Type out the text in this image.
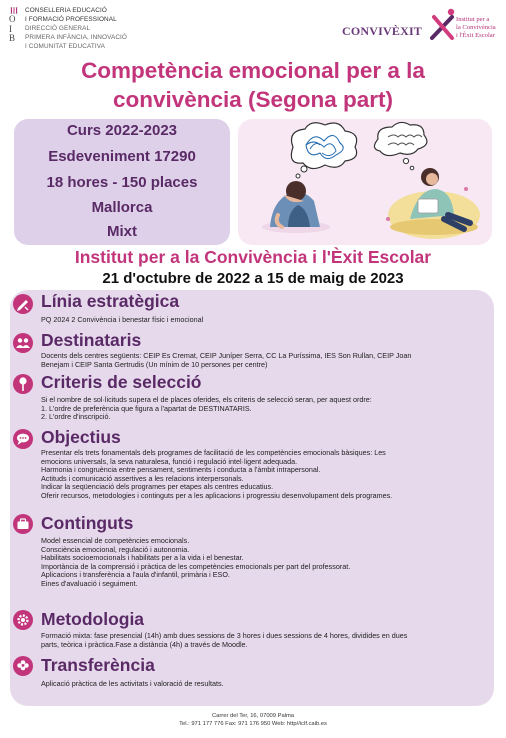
O
I
B
CONSELLERIA EDUCACIÓ
I FORMACIÓ PROFESSIONAL
DIRECCIÓ GENERAL
PRIMERA INFÀNCIA, INNOVACIÓ
I COMUNITAT EDUCATIVA
CONVIVÈXIT
Institut per a
la Convivència
i l'Èxit Escolar
Competència emocional per a la
convivència (Segona part)
Curs 2022-2023
Esdeveniment 17290
18 hores - 150 places
Mallorca
Mixt
Institut per a la Convivència i l'Èxit Escolar
21 d'octubre de 2022 a 15 de maig de 2023
Línia estratègica
PQ 2024 2 Convivència i benestar físic i emocional
Destinataris
Docents dels centres següents: CEIP Es Cremat, CEIP Juníper Serra, CC La Puríssima, IES Son Rullan, CEIP Joan
Benejam i CEIP Santa Gertrudis (Un mínim de 10 persones per centre)
Criteris de selecció
Si el nombre de sol·licituds supera el de places oferides, els criteris de selecció seran, per aquest ordre:
1. L'ordre de preferència que figura a l'apartat de DESTINATARIS.
2. L'ordre d'inscripció.
Objectius
Presentar els trets fonamentals dels programes de facilitació de les competències emocionals bàsiques: Les
emocions universals, la seva naturalesa, funció i regulació intel·ligent adequada.
Harmonia i congruència entre pensament, sentiments i conducta a l'àmbit intrapersonal.
Actituds i comunicació assertives a les relacions interpersonals.
Indicar la seqüenciació dels programes per etapes als centres educatius.
Oferir recursos, metodologies i continguts per a les aplicacions i progressiu desenvolupament dels programes.
Continguts
Model essencial de competències emocionals.
Consciència emocional, regulació i autonomia.
Habilitats socioemocionals i habilitats per a la vida i el benestar.
Importància de la comprensió i pràctica de les competències emocionals per part del professorat.
Aplicacions i transferència a l'aula d'infantil, primària i ESO.
Eines d'avaluació i seguiment.
Metodologia
Formació mixta: fase presencial (14h) amb dues sessions de 3 hores i dues sessions de 4 hores, dividides en dues
parts, teòrica i pràctica.Fase a distància (4h) a través de Moodle.
Transferència
Aplicació pràctica de les activitats i valoració de resultats.
Carrer del Ter, 16, 07009 Palma
Tel.: 971 177 776 Fax: 971 176 950 Web: http//iclf.caib.es
